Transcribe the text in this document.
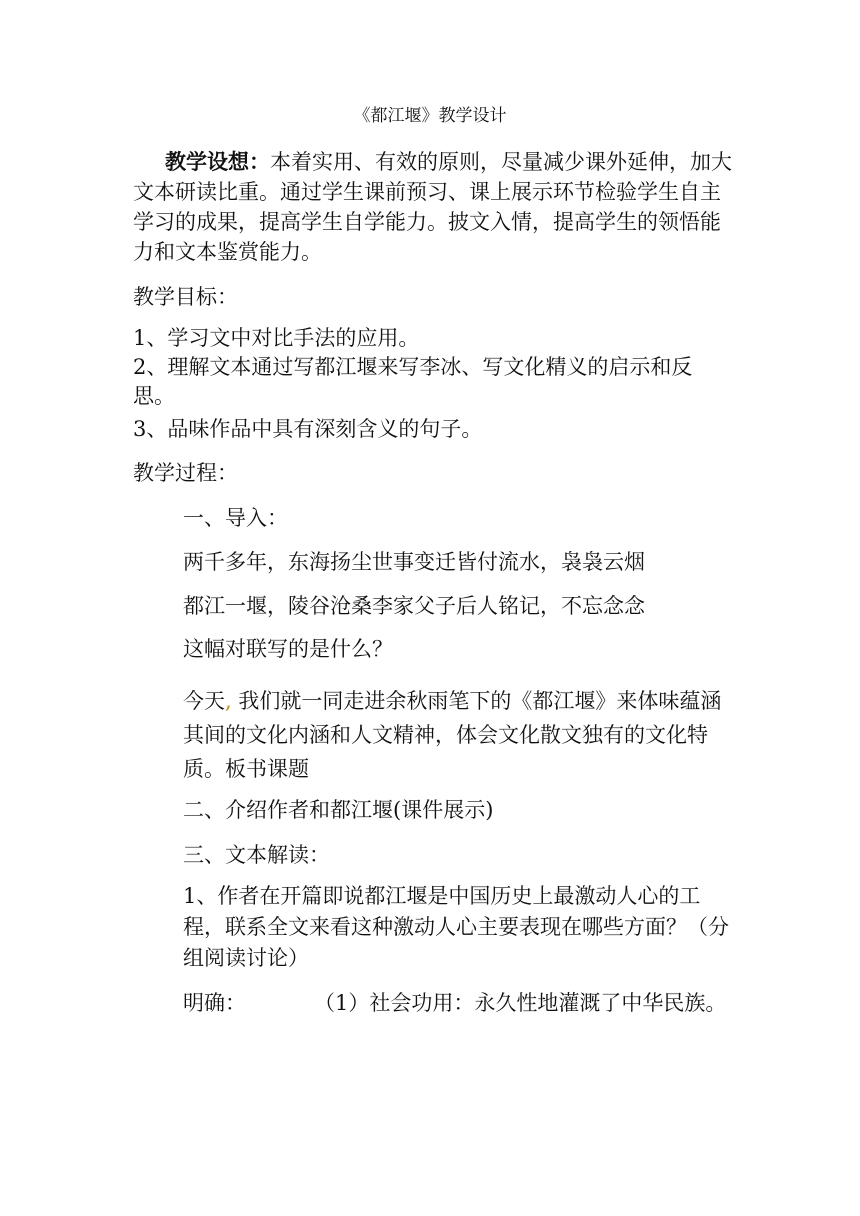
《都江堰》教学设计

教学设想：本着实用、有效的原则，尽量减少课外延伸，加大文本研读比重。通过学生课前预习、课上展示环节检验学生自主学习的成果，提高学生自学能力。披文入情，提高学生的领悟能力和文本鉴赏能力。

教学目标：
1、学习文中对比手法的应用。
2、理解文本通过写都江堰来写李冰、写文化精义的启示和反思。
3、品味作品中具有深刻含义的句子。
教学过程：
一、导入：
两千多年，东海扬尘世事变迁皆付流水，袅袅云烟
都江一堰，陵谷沧桑李家父子后人铭记，不忘念念
这幅对联写的是什么？
今天, 我们就一同走进余秋雨笔下的《都江堰》来体味蕴涵其间的文化内涵和人文精神，体会文化散文独有的文化特质。板书课题
二、介绍作者和都江堰(课件展示)
三、文本解读：
1、作者在开篇即说都江堰是中国历史上最激动人心的工程，联系全文来看这种激动人心主要表现在哪些方面？（分组阅读讨论）
明确：	（1）社会功用：永久性地灌溉了中华民族。
